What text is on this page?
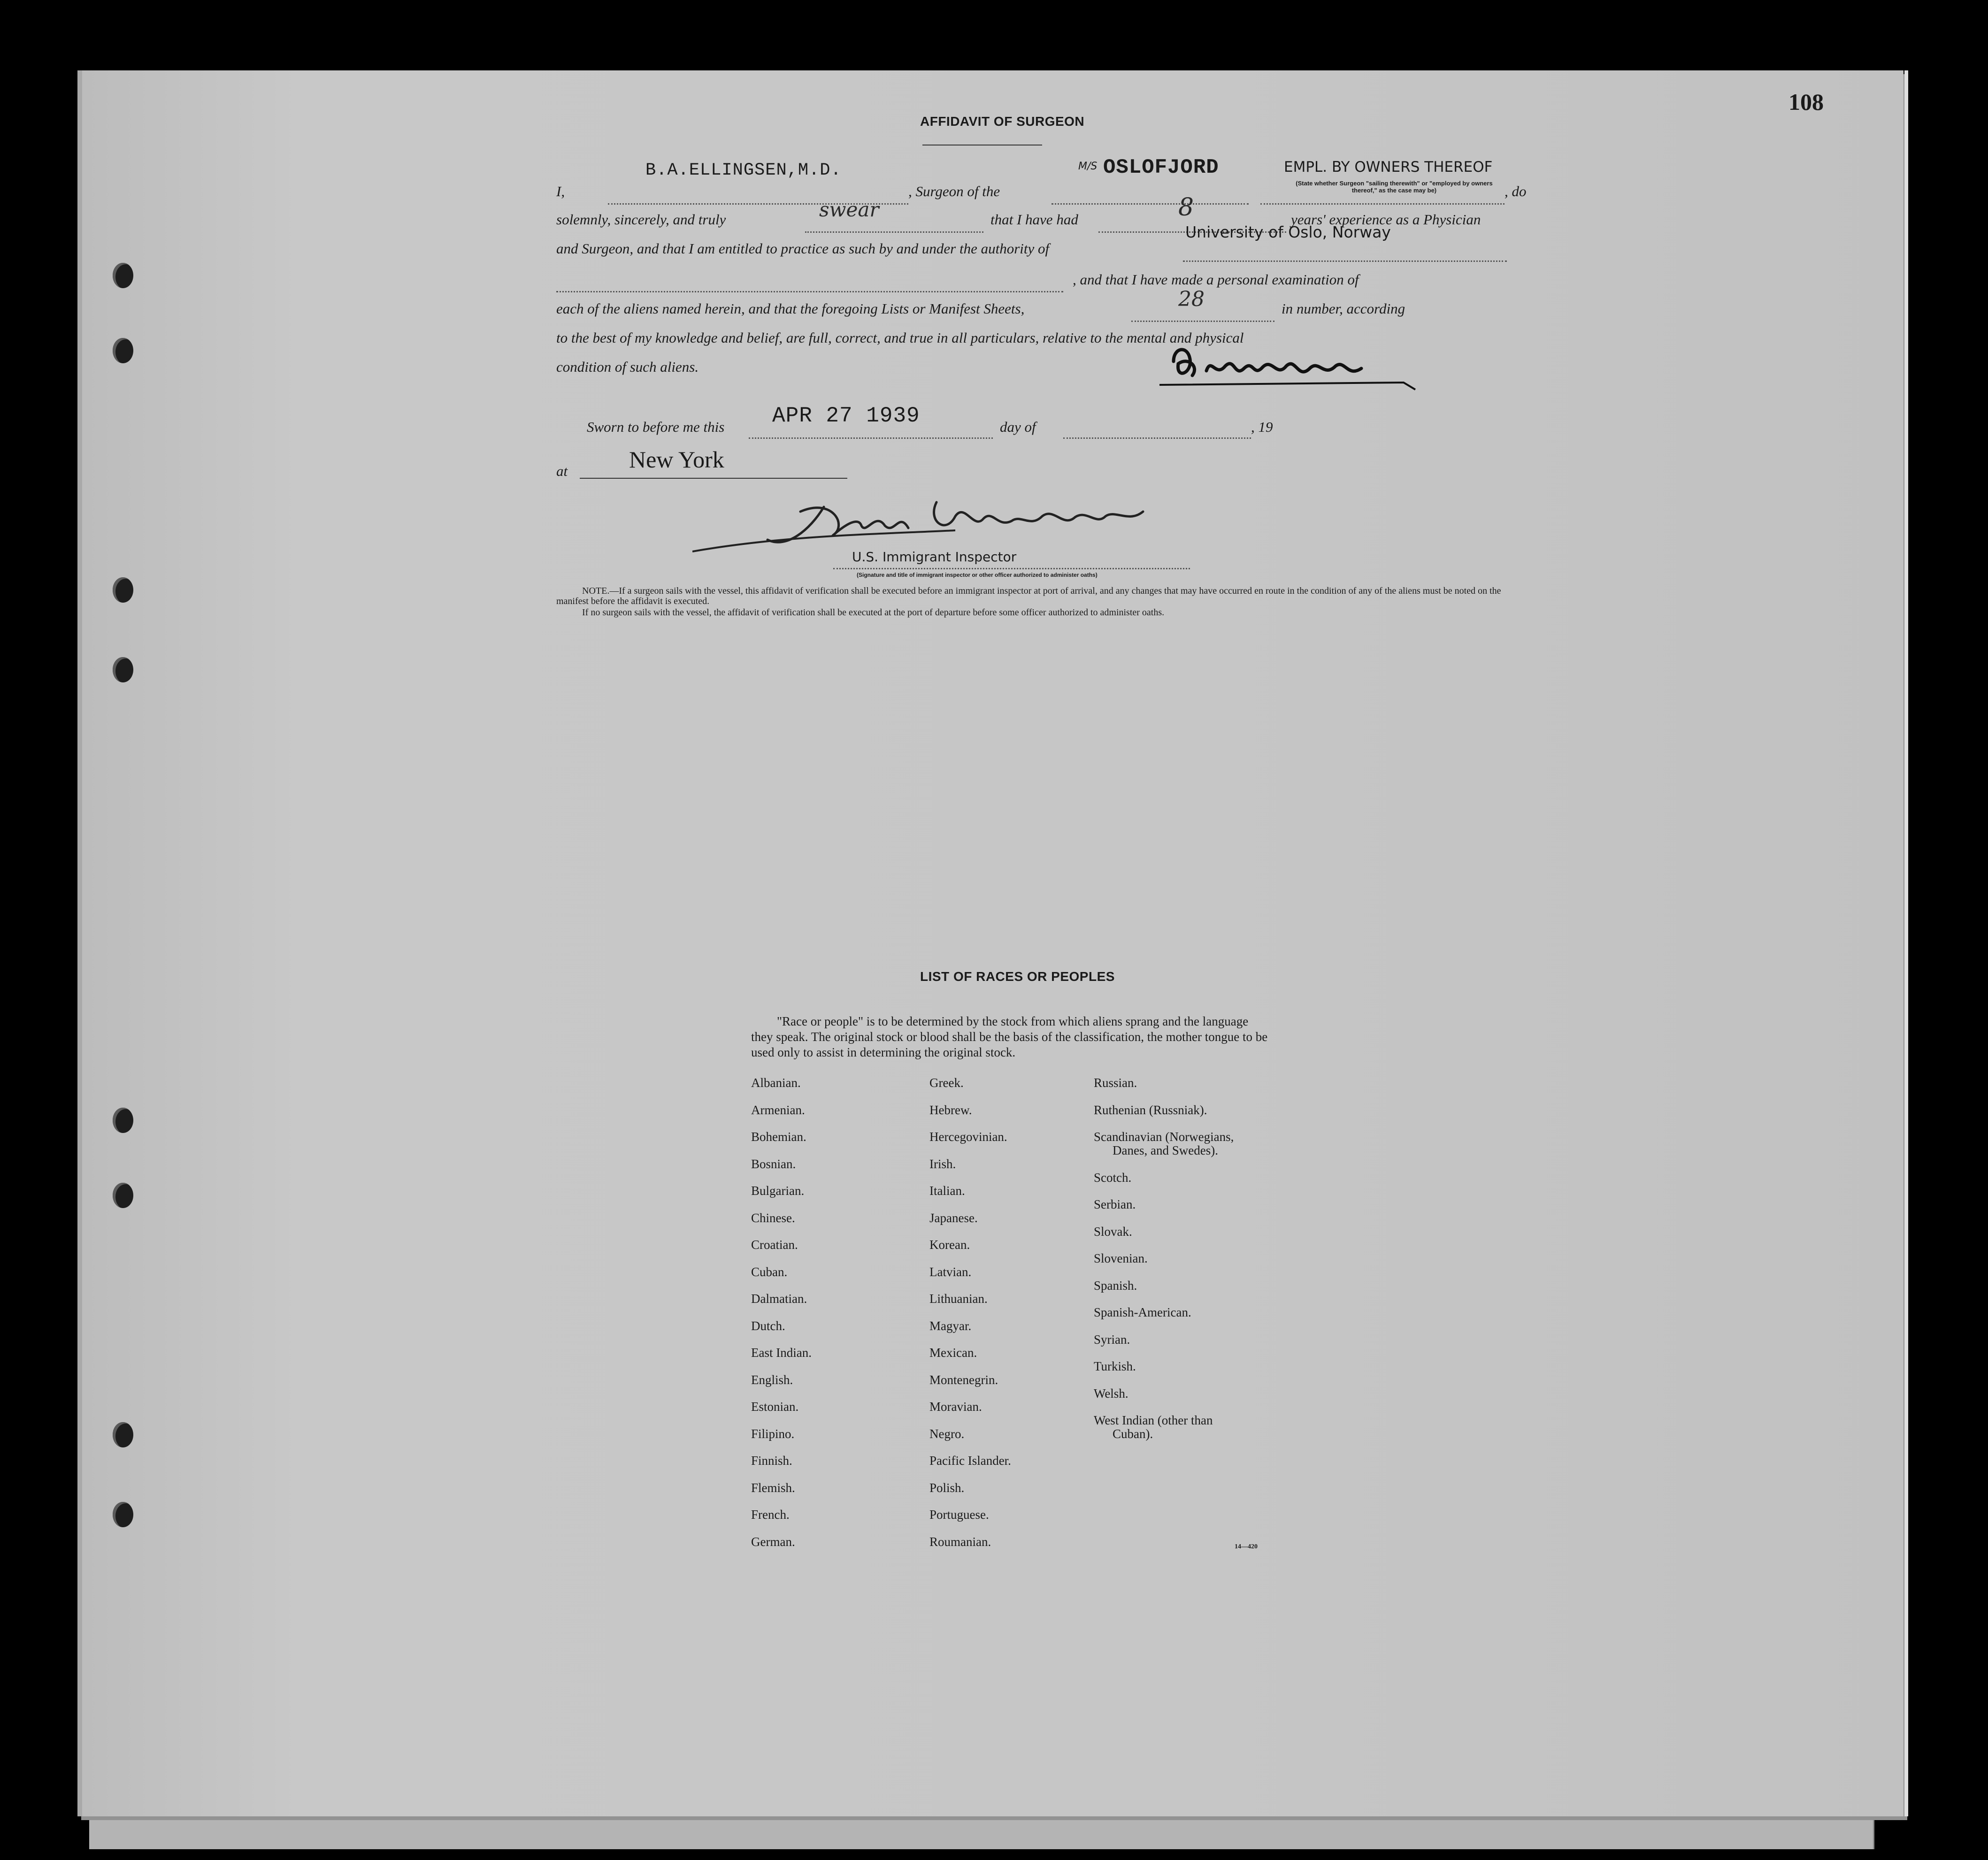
108
AFFIDAVIT OF SURGEON
I,
B.A.ELLINGSEN,M.D.
, Surgeon of the
M/S OSLOFJORD	EMPL. BY OWNERS THEREOF
, do
(State whether Surgeon "sailing therewith" or "employed by owners thereof," as the case may be)
solemnly, sincerely, and truly	swear	that I have had	8	years' experience as a Physician
and Surgeon, and that I am entitled to practice as such by and under the authority of
University of Oslo, Norway
, and that I have made a personal examination of
each of the aliens named herein, and that the foregoing Lists or Manifest Sheets,	28	in number, according
to the best of my knowledge and belief, are full, correct, and true in all particulars, relative to the mental and physical
condition of such aliens.
Sworn to before me this APR 27 1939	day of	, 19
at	New York
U.S. Immigrant Inspector
(Signature and title of immigrant inspector or other officer authorized to administer oaths)
NOTE.—If a surgeon sails with the vessel, this affidavit of verification shall be executed before an immigrant inspector at port of arrival, and any changes that may have occurred en route in the condition of any of the aliens must be noted on the manifest before the affidavit is executed.
If no surgeon sails with the vessel, the affidavit of verification shall be executed at the port of departure before some officer authorized to administer oaths.
LIST OF RACES OR PEOPLES
"Race or people" is to be determined by the stock from which aliens sprang and the language they speak. The original stock or blood shall be the basis of the classification, the mother tongue to be used only to assist in determining the original stock.
Albanian.
Armenian.
Bohemian.
Bosnian.
Bulgarian.
Chinese.
Croatian.
Cuban.
Dalmatian.
Dutch.
East Indian.
English.
Estonian.
Filipino.
Finnish.
Flemish.
French.
German.
Greek.
Hebrew.
Hercegovinian.
Irish.
Italian.
Japanese.
Korean.
Latvian.
Lithuanian.
Magyar.
Mexican.
Montenegrin.
Moravian.
Negro.
Pacific Islander.
Polish.
Portuguese.
Roumanian.
Russian.
Ruthenian (Russniak).
Scandinavian (Norwegians,
Danes, and Swedes).
Scotch.
Serbian.
Slovak.
Slovenian.
Spanish.
Spanish-American.
Syrian.
Turkish.
Welsh.
West Indian (other than
Cuban).
14—420
